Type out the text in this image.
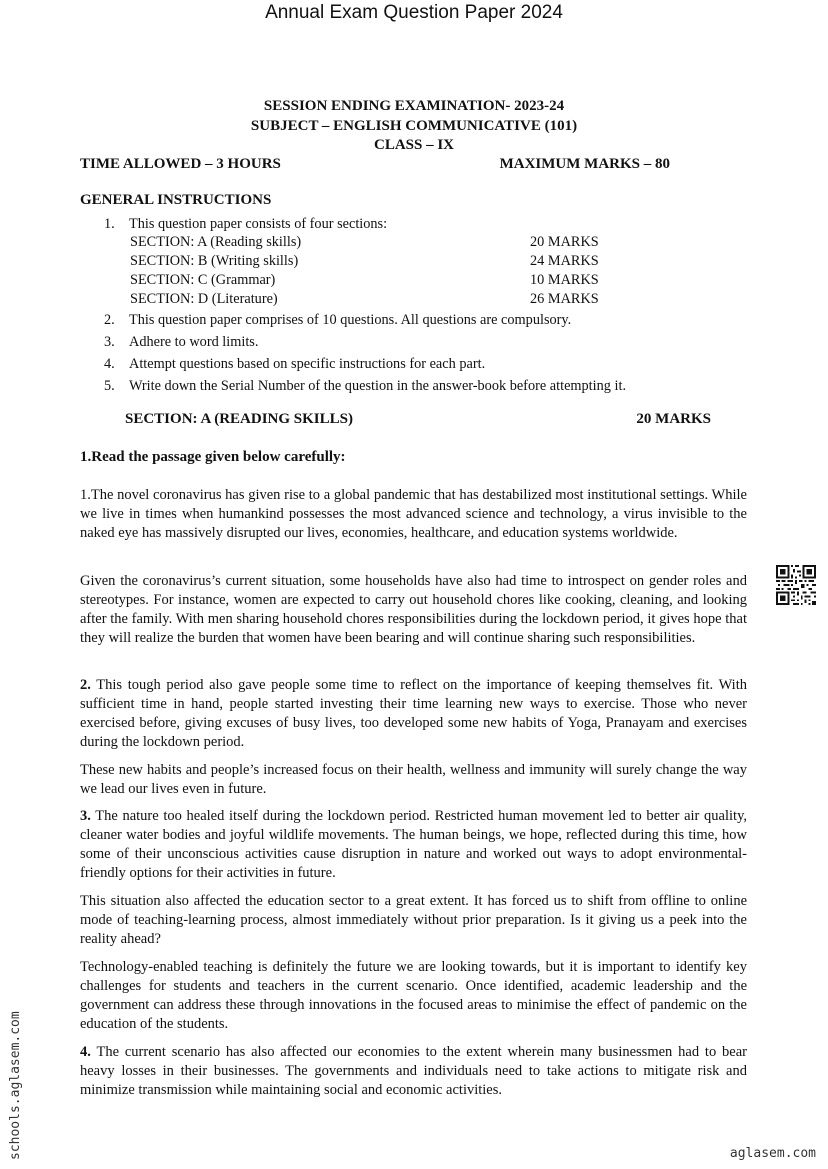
Annual Exam Question Paper 2024
SESSION ENDING EXAMINATION- 2023-24
SUBJECT – ENGLISH COMMUNICATIVE (101)
CLASS – IX
TIME ALLOWED – 3 HOURS	MAXIMUM MARKS – 80
GENERAL INSTRUCTIONS
1. This question paper consists of four sections:
SECTION: A (Reading skills)	20 MARKS
SECTION: B (Writing skills)	24 MARKS
SECTION: C (Grammar)	10 MARKS
SECTION: D (Literature)	26 MARKS
2. This question paper comprises of 10 questions. All questions are compulsory.
3. Adhere to word limits.
4. Attempt questions based on specific instructions for each part.
5. Write down the Serial Number of the question in the answer-book before attempting it.
SECTION: A (READING SKILLS)	20 MARKS
1.Read the passage given below carefully:

1.The novel coronavirus has given rise to a global pandemic that has destabilized most institutional settings. While we live in times when humankind possesses the most advanced science and technology, a virus invisible to the naked eye has massively disrupted our lives, economies, healthcare, and education systems worldwide.

Given the coronavirus’s current situation, some households have also had time to introspect on gender roles and stereotypes. For instance, women are expected to carry out household chores like cooking, cleaning, and looking after the family. With men sharing household chores responsibilities during the lockdown period, it gives hope that they will realize the burden that women have been bearing and will continue sharing such responsibilities.

2. This tough period also gave people some time to reflect on the importance of keeping themselves fit. With sufficient time in hand, people started investing their time learning new ways to exercise. Those who never exercised before, giving excuses of busy lives, too developed some new habits of Yoga, Pranayam and exercises during the lockdown period.

These new habits and people’s increased focus on their health, wellness and immunity will surely change the way we lead our lives even in future.

3. The nature too healed itself during the lockdown period. Restricted human movement led to better air quality, cleaner water bodies and joyful wildlife movements. The human beings, we hope, reflected during this time, how some of their unconscious activities cause disruption in nature and worked out ways to adopt environmental-friendly options for their activities in future.

This situation also affected the education sector to a great extent. It has forced us to shift from offline to online mode of teaching-learning process, almost immediately without prior preparation. Is it giving us a peek into the reality ahead?

Technology-enabled teaching is definitely the future we are looking towards, but it is important to identify key challenges for students and teachers in the current scenario. Once identified, academic leadership and the government can address these through innovations in the focused areas to minimise the effect of pandemic on the education of the students.

4. The current scenario has also affected our economies to the extent wherein many businessmen had to bear heavy losses in their businesses. The governments and individuals need to take actions to mitigate risk and minimize transmission while maintaining social and economic activities.

schools.aglasem.com	aglasem.com
